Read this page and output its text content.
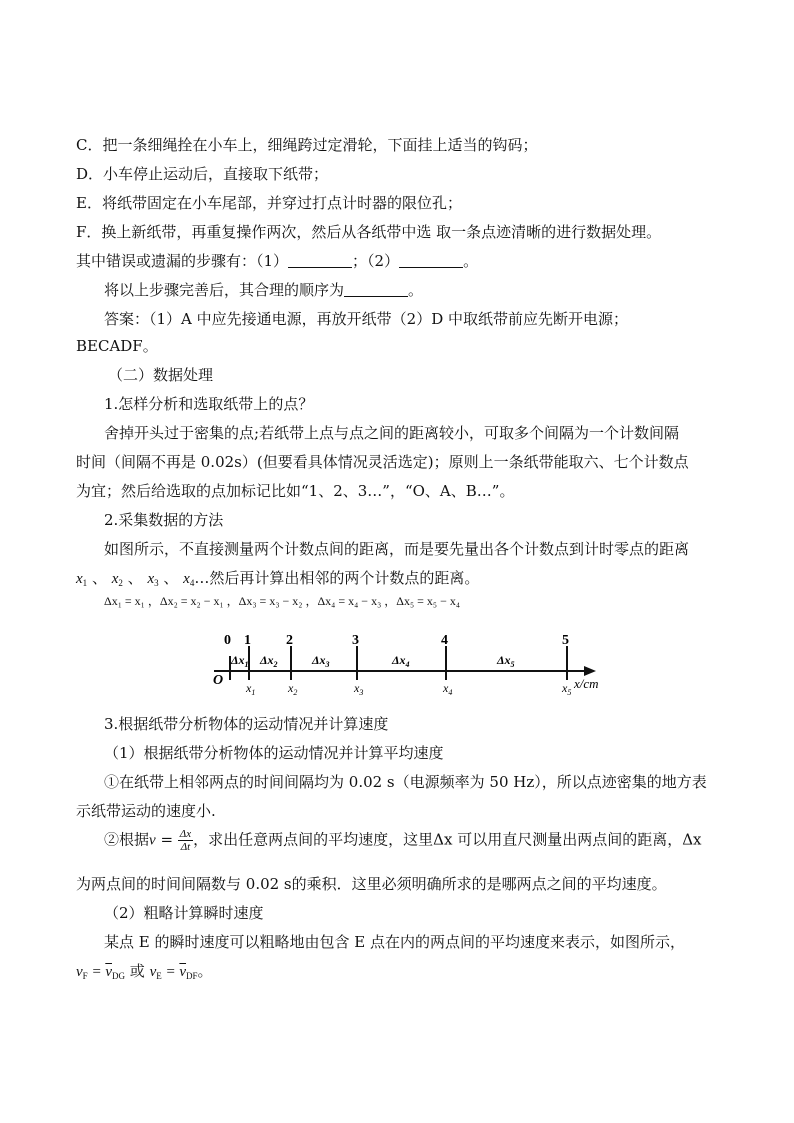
C．把一条细绳拴在小车上，细绳跨过定滑轮，下面挂上适当的钩码；
D．小车停止运动后，直接取下纸带；
E．将纸带固定在小车尾部，并穿过打点计时器的限位孔；
F．换上新纸带，再重复操作两次，然后从各纸带中选 取一条点迹清晰的进行数据处理。
其中错误或遗漏的步骤有：（1）	；（2）	。
将以上步骤完善后，其合理的顺序为	。
答案：（1）A 中应先接通电源，再放开纸带（2）D 中取纸带前应先断开电源；
BECADF。
（二）数据处理
1.怎样分析和选取纸带上的点？
舍掉开头过于密集的点;若纸带上点与点之间的距离较小，可取多个间隔为一个计数间隔
时间（间隔不再是 0.02s）(但要看具体情况灵活选定)；原则上一条纸带能取六、七个计数点
为宜；然后给选取的点加标记比如“1、2、3…”，“O、A、B…”。
2.采集数据的方法
如图所示，不直接测量两个计数点间的距离，而是要先量出各个计数点到计时零点的距离
$x_1$ 、 $x_2$ 、 $x_3$ 、 $x_4\dots$然后再计算出相邻的两个计数点的距离。
Δx₁ = x₁ ，Δx₂ = x₂ − x₁ ，Δx₃ = x₃ − x₂ ，Δx₄ = x₄ − x₃ ，Δx₅ = x₅ − x₄
O	x/cm
0 1	2	3	4	5
$\Delta x_1$ $\Delta x_2$	$\Delta x_3$	$\Delta x_4$	$\Delta x_5$
$x_1$	$x_2$	$x_3$	$x_4$	$x_5$
3.根据纸带分析物体的运动情况并计算速度
（1）根据纸带分析物体的运动情况并计算平均速度
①在纸带上相邻两点的时间间隔均为 0.02 s（电源频率为 50 Hz），所以点迹密集的地方表
示纸带运动的速度小.
②根据$v = \frac{\Delta x}{\Delta t}$ ，求出任意两点间的平均速度，这里Δx 可以用直尺测量出两点间的距离，Δx
为两点间的时间间隔数与 0.02 s的乘积．这里必须明确所求的是哪两点之间的平均速度。
（2）粗略计算瞬时速度
某点 E 的瞬时速度可以粗略地由包含 E 点在内的两点间的平均速度来表示，如图所示，
$v_F = \overline{v}_{DG}$ 或 $v_E = \overline{v}_{DF}$。
